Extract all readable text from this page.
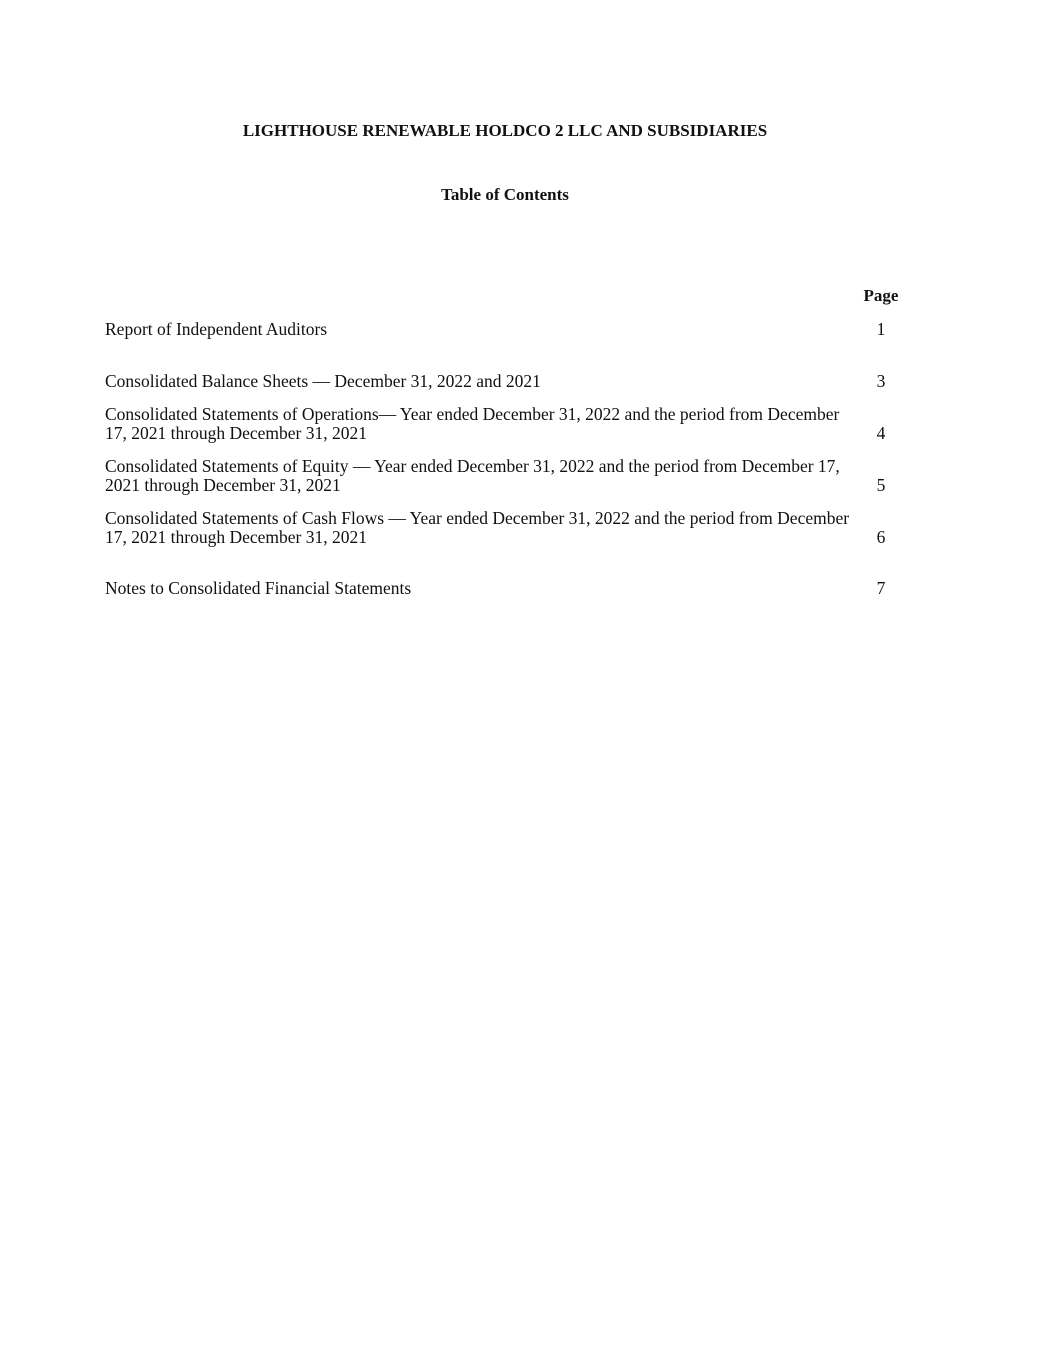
LIGHTHOUSE RENEWABLE HOLDCO 2 LLC AND SUBSIDIARIES
Table of Contents
Page
Report of Independent Auditors	1
Consolidated Balance Sheets — December 31, 2022 and 2021	3
Consolidated Statements of Operations— Year ended December 31, 2022 and the period from December 17, 2021 through December 31, 2021	4
Consolidated Statements of Equity — Year ended December 31, 2022 and the period from December 17, 2021 through December 31, 2021	5
Consolidated Statements of Cash Flows — Year ended December 31, 2022 and the period from December 17, 2021 through December 31, 2021	6
Notes to Consolidated Financial Statements	7
